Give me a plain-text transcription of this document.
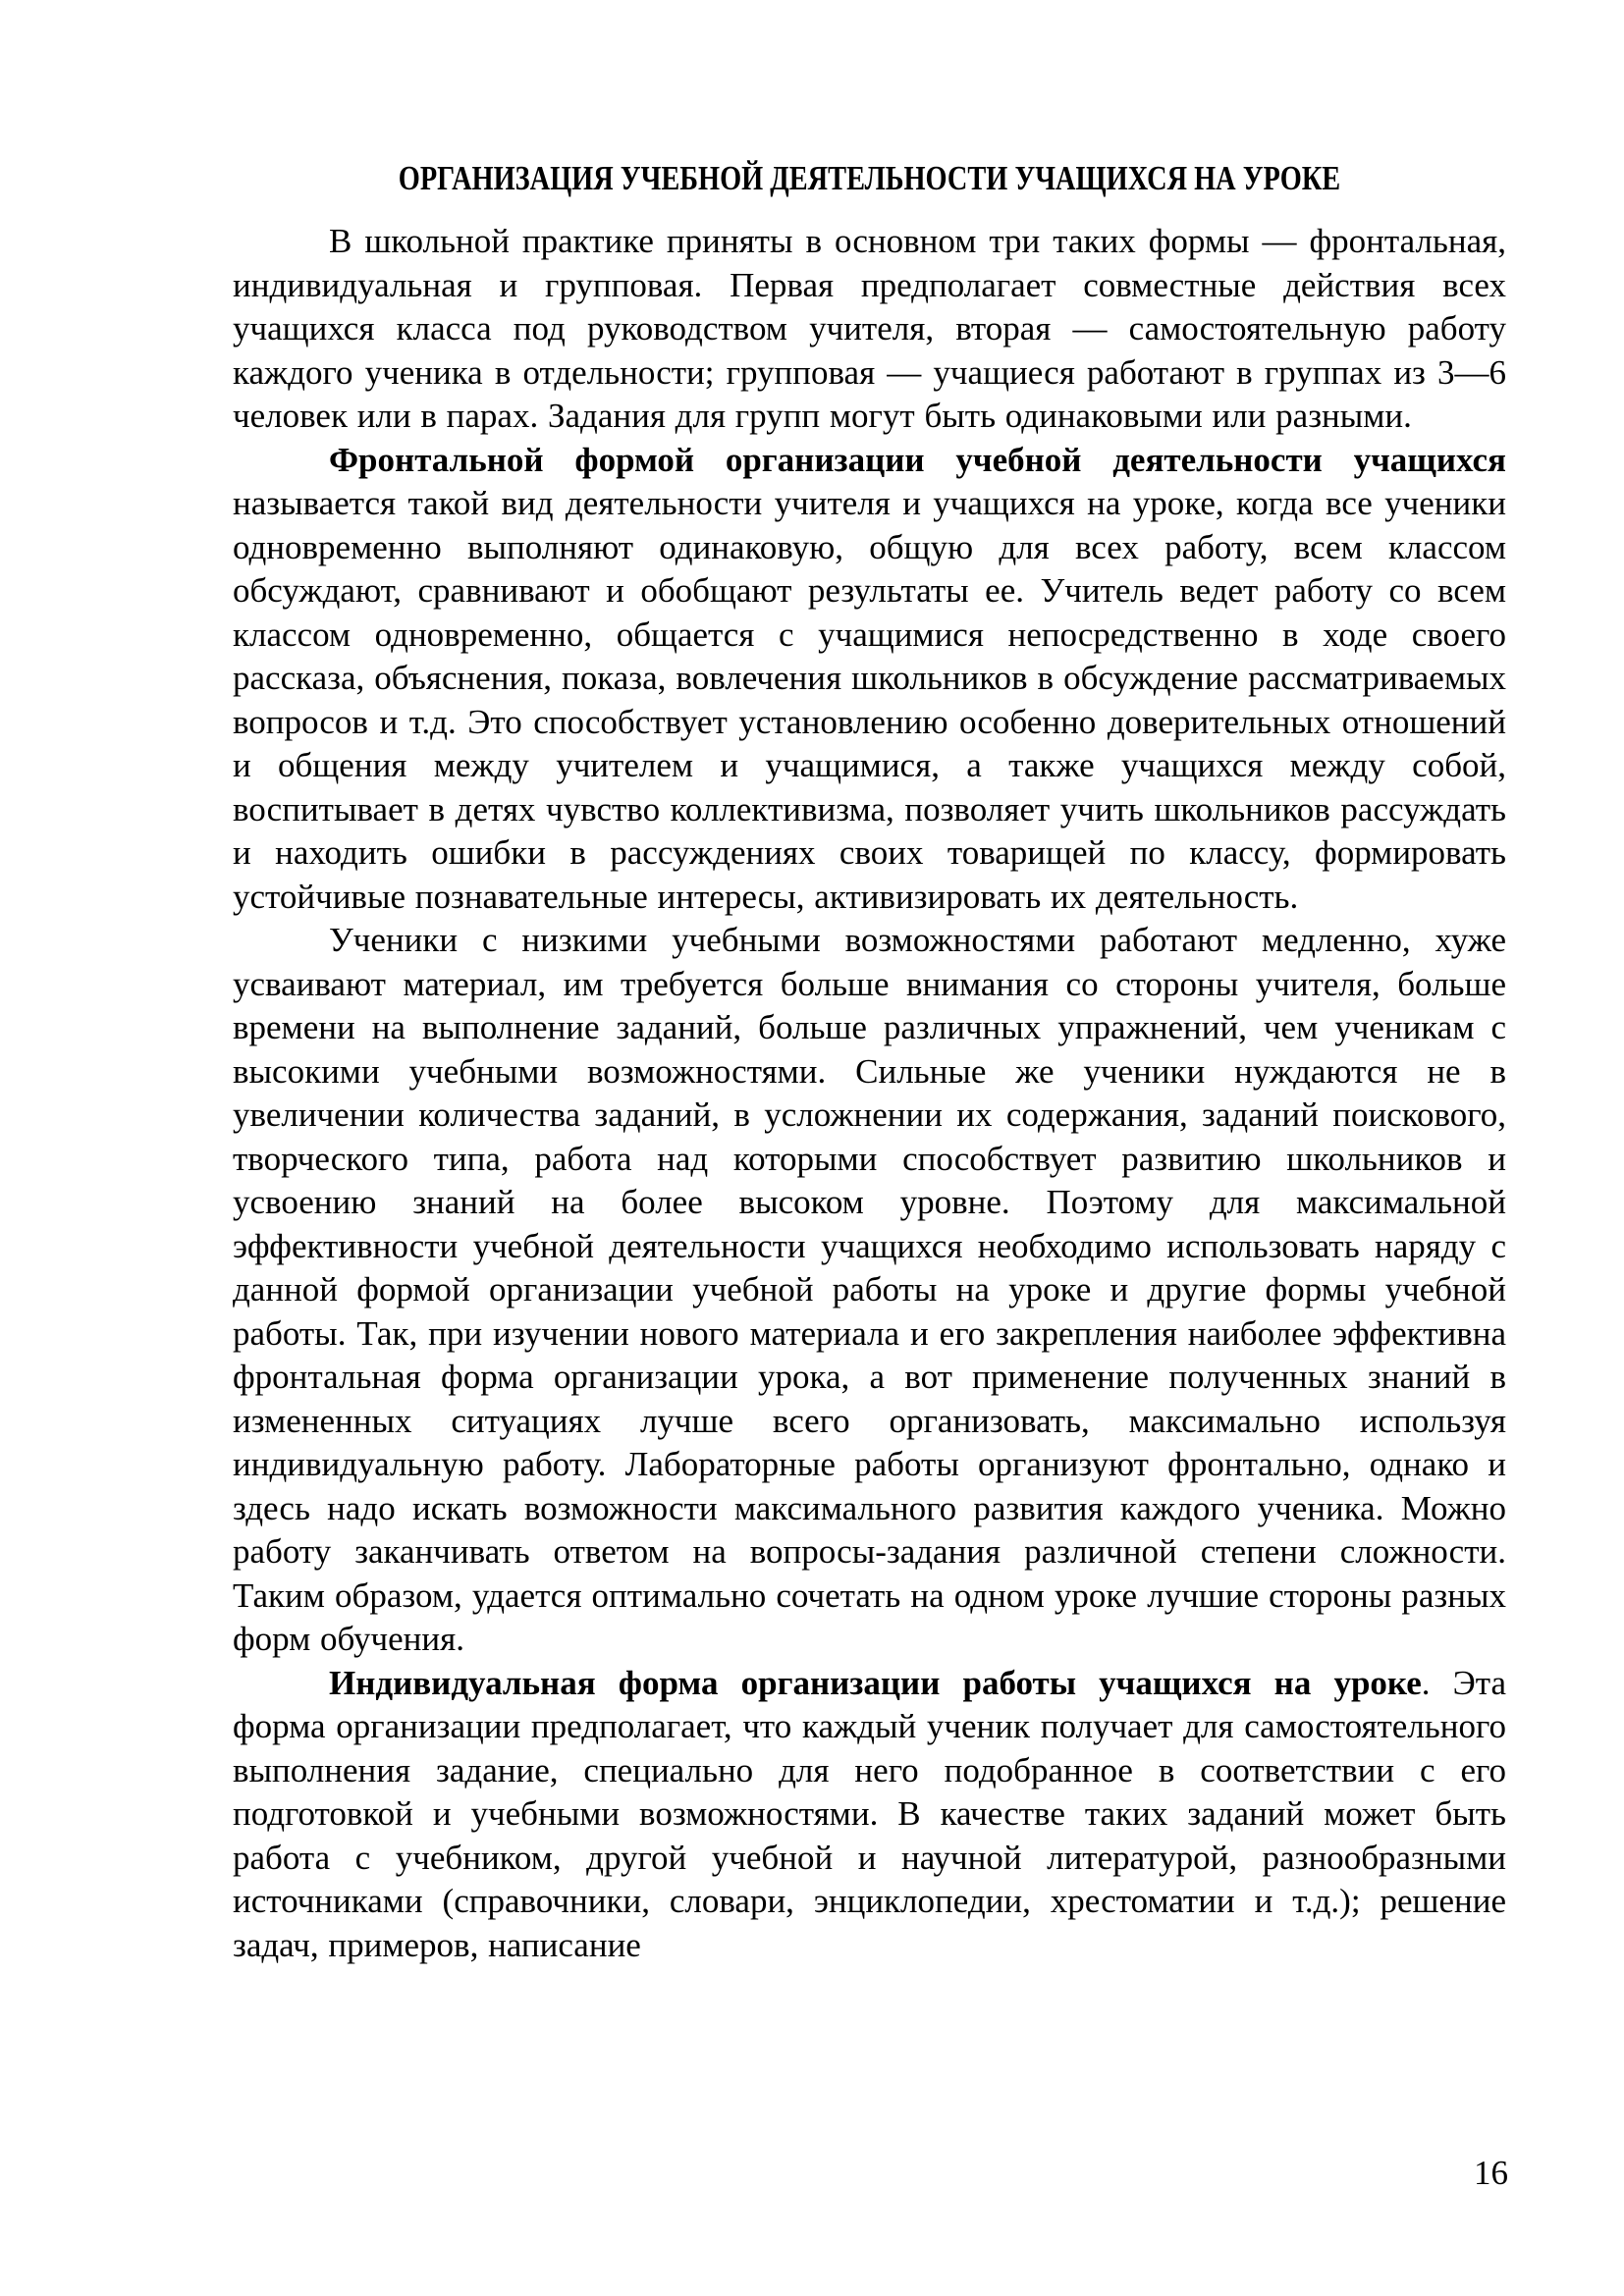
ОРГАНИЗАЦИЯ УЧЕБНОЙ ДЕЯТЕЛЬНОСТИ УЧАЩИХСЯ НА УРОКЕ

В школьной практике приняты в основном три таких формы — фронтальная, индивидуальная и групповая. Первая предполагает совместные действия всех учащихся класса под руководством учителя, вторая — самостоятельную работу каждого ученика в отдельности; групповая — учащиеся работают в группах из 3—6 человек или в парах. Задания для групп могут быть одинаковыми или разными.

Фронтальной формой организации учебной деятельности учащихся называется такой вид деятельности учителя и учащихся на уроке, когда все ученики одновременно выполняют одинаковую, общую для всех работу, всем классом обсуждают, сравнивают и обобщают результаты ее. Учитель ведет работу со всем классом одновременно, общается с учащимися непосредственно в ходе своего рассказа, объяснения, показа, вовлечения школьников в обсуждение рассматриваемых вопросов и т.д. Это способствует установлению особенно доверительных отношений и общения между учителем и учащимися, а также учащихся между собой, воспитывает в детях чувство коллективизма, позволяет учить школьников рассуждать и находить ошибки в рассуждениях своих товарищей по классу, формировать устойчивые познавательные интересы, активизировать их деятельность.

Ученики с низкими учебными возможностями работают медленно, хуже усваивают материал, им требуется больше внимания со стороны учителя, больше времени на выполнение заданий, больше различных упражнений, чем ученикам с высокими учебными возможностями. Сильные же ученики нуждаются не в увеличении количества заданий, в усложнении их содержания, заданий поискового, творческого типа, работа над которыми способствует развитию школьников и усвоению знаний на более высоком уровне. Поэтому для максимальной эффективности учебной деятельности учащихся необходимо использовать наряду с данной формой организации учебной работы на уроке и другие формы учебной работы. Так, при изучении нового материала и его закрепления наиболее эффективна фронтальная форма организации урока, а вот применение полученных знаний в измененных ситуациях лучше всего организовать, максимально используя индивидуальную работу. Лабораторные работы организуют фронтально, однако и здесь надо искать возможности максимального развития каждого ученика. Можно работу заканчивать ответом на вопросы-задания различной степени сложности. Таким образом, удается оптимально сочетать на одном уроке лучшие стороны разных форм обучения.

Индивидуальная форма организации работы учащихся на уроке. Эта форма организации предполагает, что каждый ученик получает для самостоятельного выполнения задание, специально для него подобранное в соответствии с его подготовкой и учебными возможностями. В качестве таких заданий может быть работа с учебником, другой учебной и научной литературой, разнообразными источниками (справочники, словари, энциклопедии, хрестоматии и т.д.); решение задач, примеров, написание

16
